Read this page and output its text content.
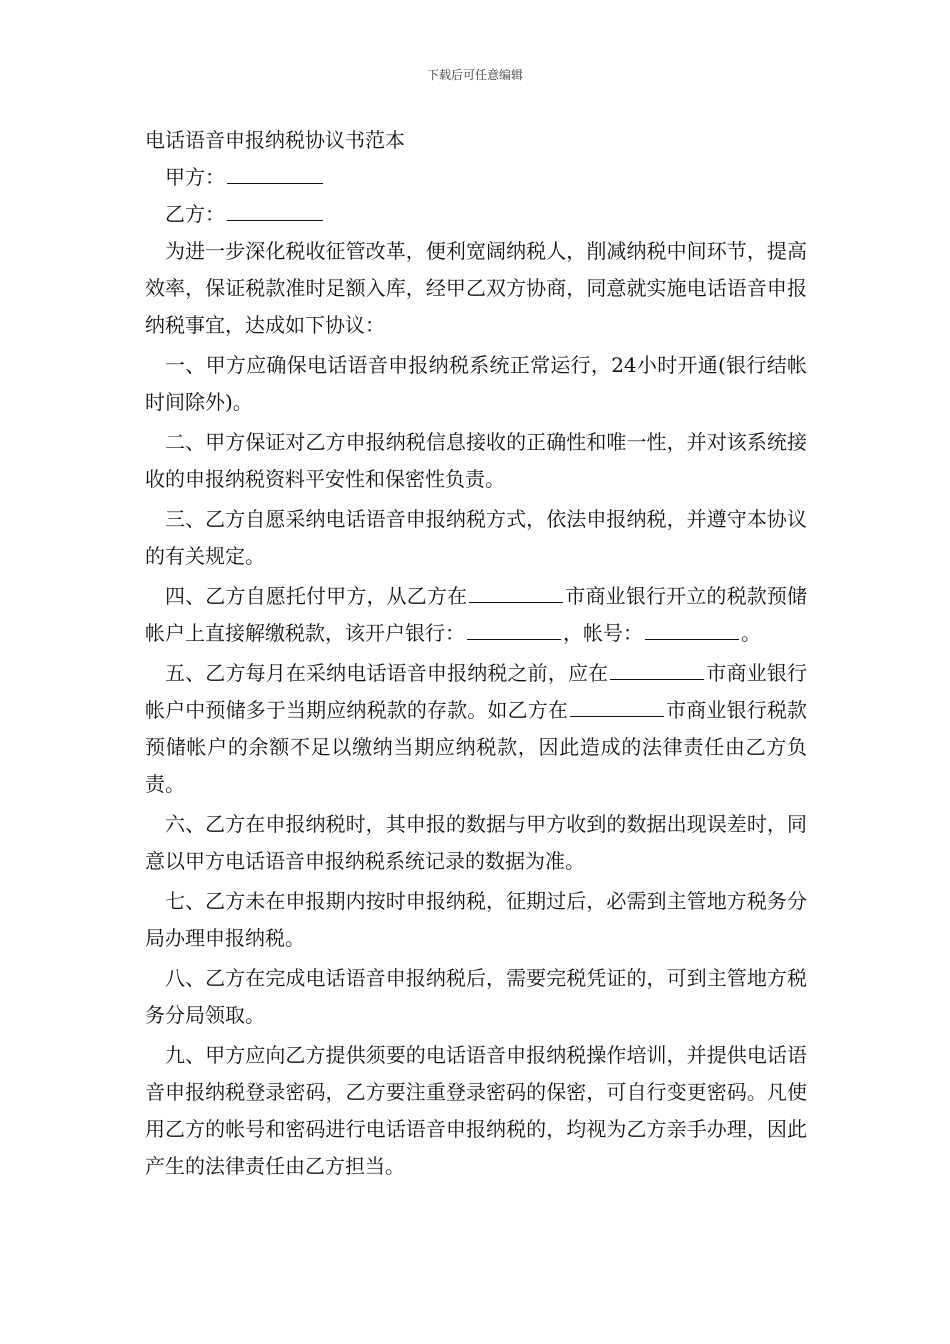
下载后可任意编辑
电话语音申报纳税协议书范本

甲方：

乙方：

为进一步深化税收征管改革，便利宽阔纳税人，削减纳税中间环节，提高效率，保证税款准时足额入库，经甲乙双方协商，同意就实施电话语音申报纳税事宜，达成如下协议：

一、甲方应确保电话语音申报纳税系统正常运行，24小时开通(银行结帐时间除外)。

二、甲方保证对乙方申报纳税信息接收的正确性和唯一性，并对该系统接收的申报纳税资料平安性和保密性负责。

三、乙方自愿采纳电话语音申报纳税方式，依法申报纳税，并遵守本协议的有关规定。

四、乙方自愿托付甲方，从乙方在	市商业银行开立的税款预储帐户上直接解缴税款，该开户银行：	，帐号：	。

五、乙方每月在采纳电话语音申报纳税之前，应在	市商业银行帐户中预储多于当期应纳税款的存款。如乙方在	市商业银行税款预储帐户的余额不足以缴纳当期应纳税款，因此造成的法律责任由乙方负责。

六、乙方在申报纳税时，其申报的数据与甲方收到的数据出现误差时，同意以甲方电话语音申报纳税系统记录的数据为准。

七、乙方未在申报期内按时申报纳税，征期过后，必需到主管地方税务分局办理申报纳税。

八、乙方在完成电话语音申报纳税后，需要完税凭证的，可到主管地方税务分局领取。

九、甲方应向乙方提供须要的电话语音申报纳税操作培训，并提供电话语音申报纳税登录密码，乙方要注重登录密码的保密，可自行变更密码。凡使用乙方的帐号和密码进行电话语音申报纳税的，均视为乙方亲手办理，因此产生的法律责任由乙方担当。
